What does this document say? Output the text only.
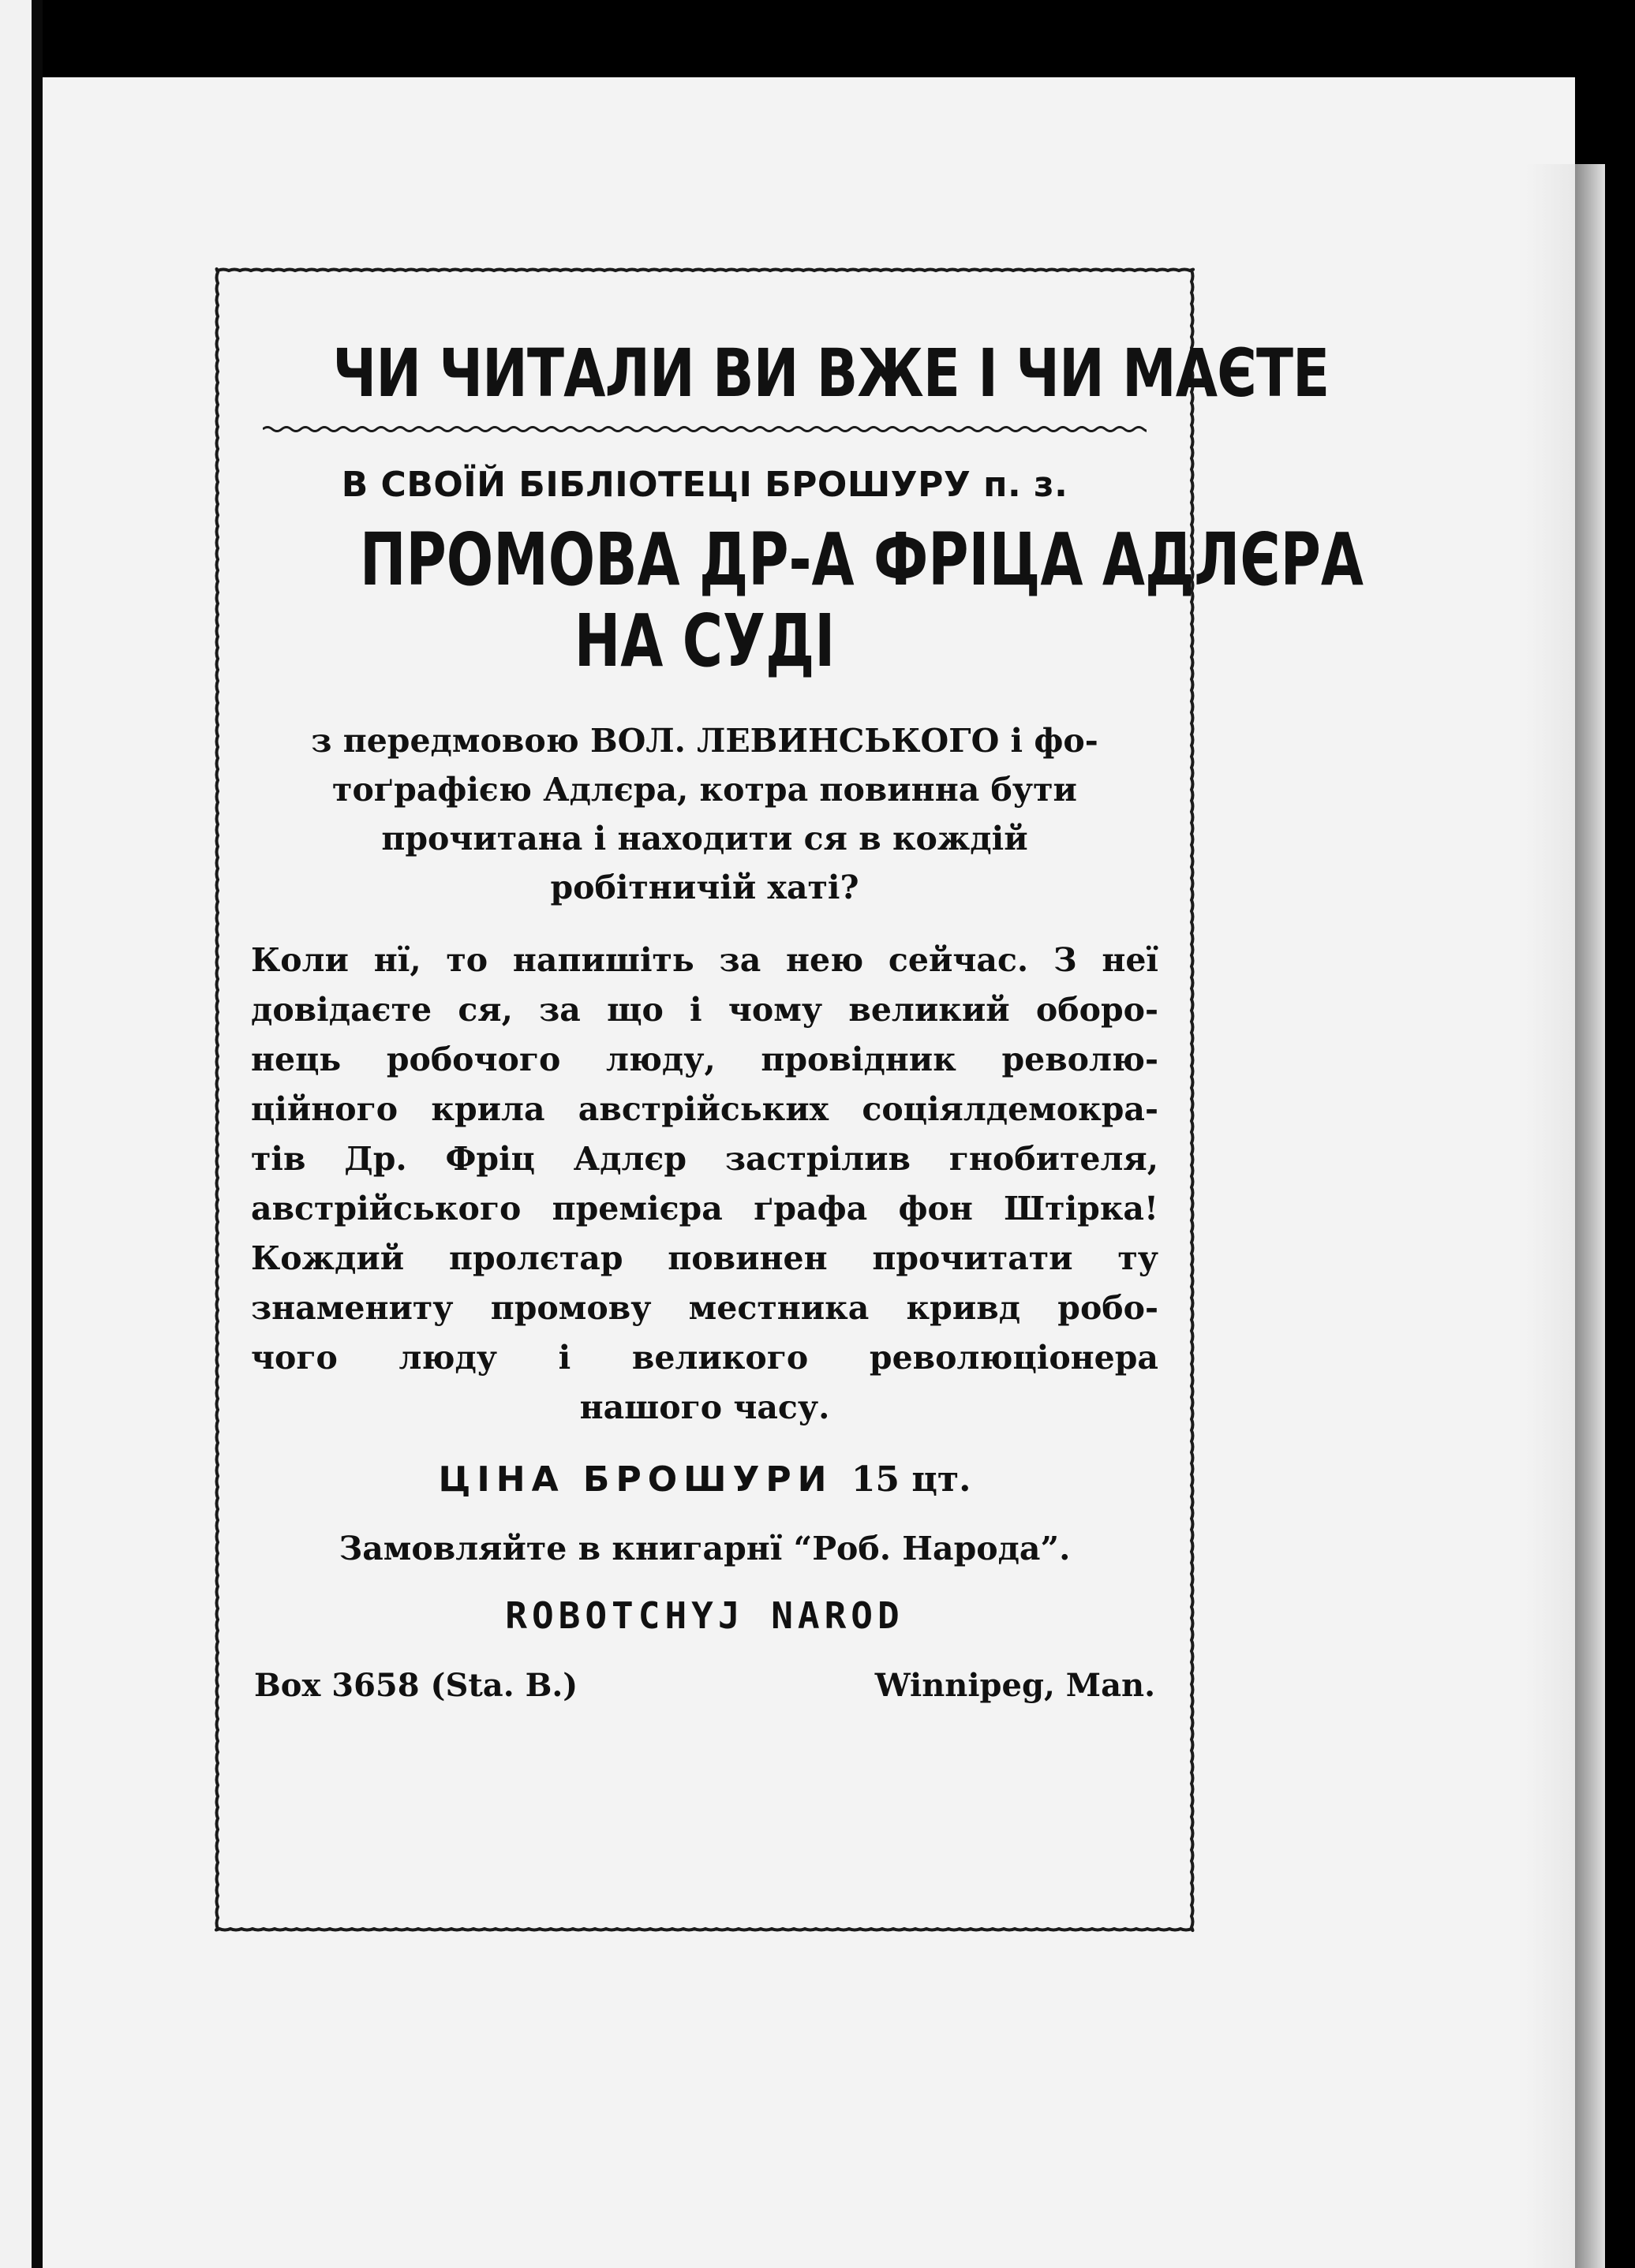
ЧИ ЧИТАЛИ ВИ ВЖЕ І ЧИ МАЄТЕ
В СВОЇЙ БІБЛІОТЕЦІ БРОШУРУ п. з.
ПРОМОВА ДР-А ФРІЦА АДЛЄРА
НА СУДІ
з передмовою ВОЛ. ЛЕВИНСЬКОГО і фо-
тоґрафією Адлєра, котра повинна бути
прочитана і находити ся в кождій
робітничій хаті?
Коли нї, то напишіть за нею сейчас. З неї
довідаєте ся, за що і чому великий оборо-
нець робочого люду, провідник револю-
ційного крила австрійських соціялдемокра-
тів Др. Фріц Адлєр застрілив гнобителя,
австрійського премієра ґрафа фон Штірка!
Кождий пролєтар повинен прочитати ту
знамениту промову местника кривд робо-
чого люду і великого революціонера
нашого часу.
ЦІНА БРОШУРИ 15 цт.
Замовляйте в книгарнї “Роб. Народа”.
ROBOTCHYJ NAROD
Box 3658 (Sta. B.)	Winnipeg, Man.
